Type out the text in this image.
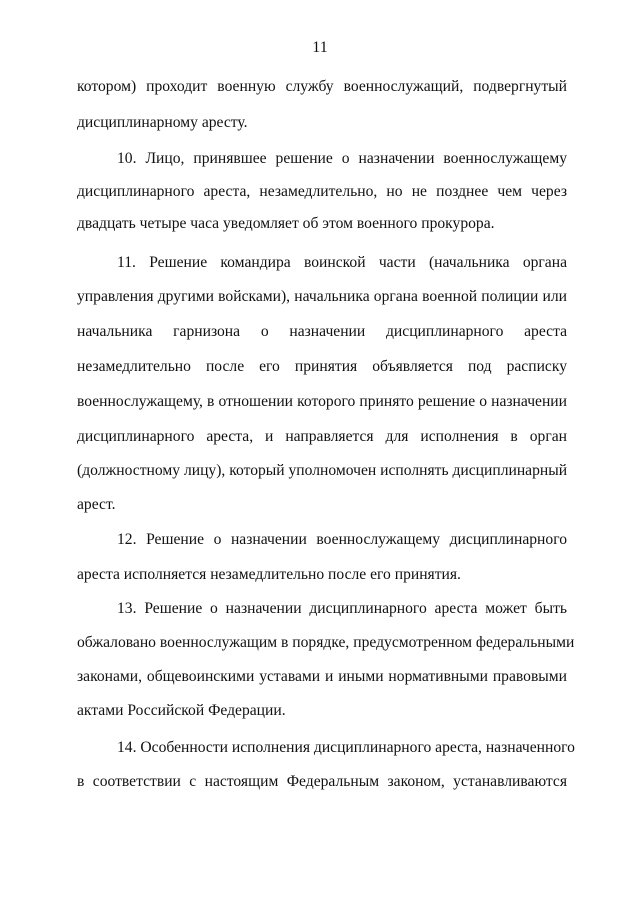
11
котором) проходит военную службу военнослужащий, подвергнутый
дисциплинарному аресту.
10. Лицо, принявшее решение о назначении военнослужащему
дисциплинарного ареста, незамедлительно, но не позднее чем через
двадцать четыре часа уведомляет об этом военного прокурора.
11. Решение командира воинской части (начальника органа
управления другими войсками), начальника органа военной полиции или
начальника гарнизона о назначении дисциплинарного ареста
незамедлительно после его принятия объявляется под расписку
военнослужащему, в отношении которого принято решение о назначении
дисциплинарного ареста, и направляется для исполнения в орган
(должностному лицу), который уполномочен исполнять дисциплинарный
арест.
12. Решение о назначении военнослужащему дисциплинарного
ареста исполняется незамедлительно после его принятия.
13. Решение о назначении дисциплинарного ареста может быть
обжаловано военнослужащим в порядке, предусмотренном федеральными
законами, общевоинскими уставами и иными нормативными правовыми
актами Российской Федерации.
14. Особенности исполнения дисциплинарного ареста, назначенного
в соответствии с настоящим Федеральным законом, устанавливаются
